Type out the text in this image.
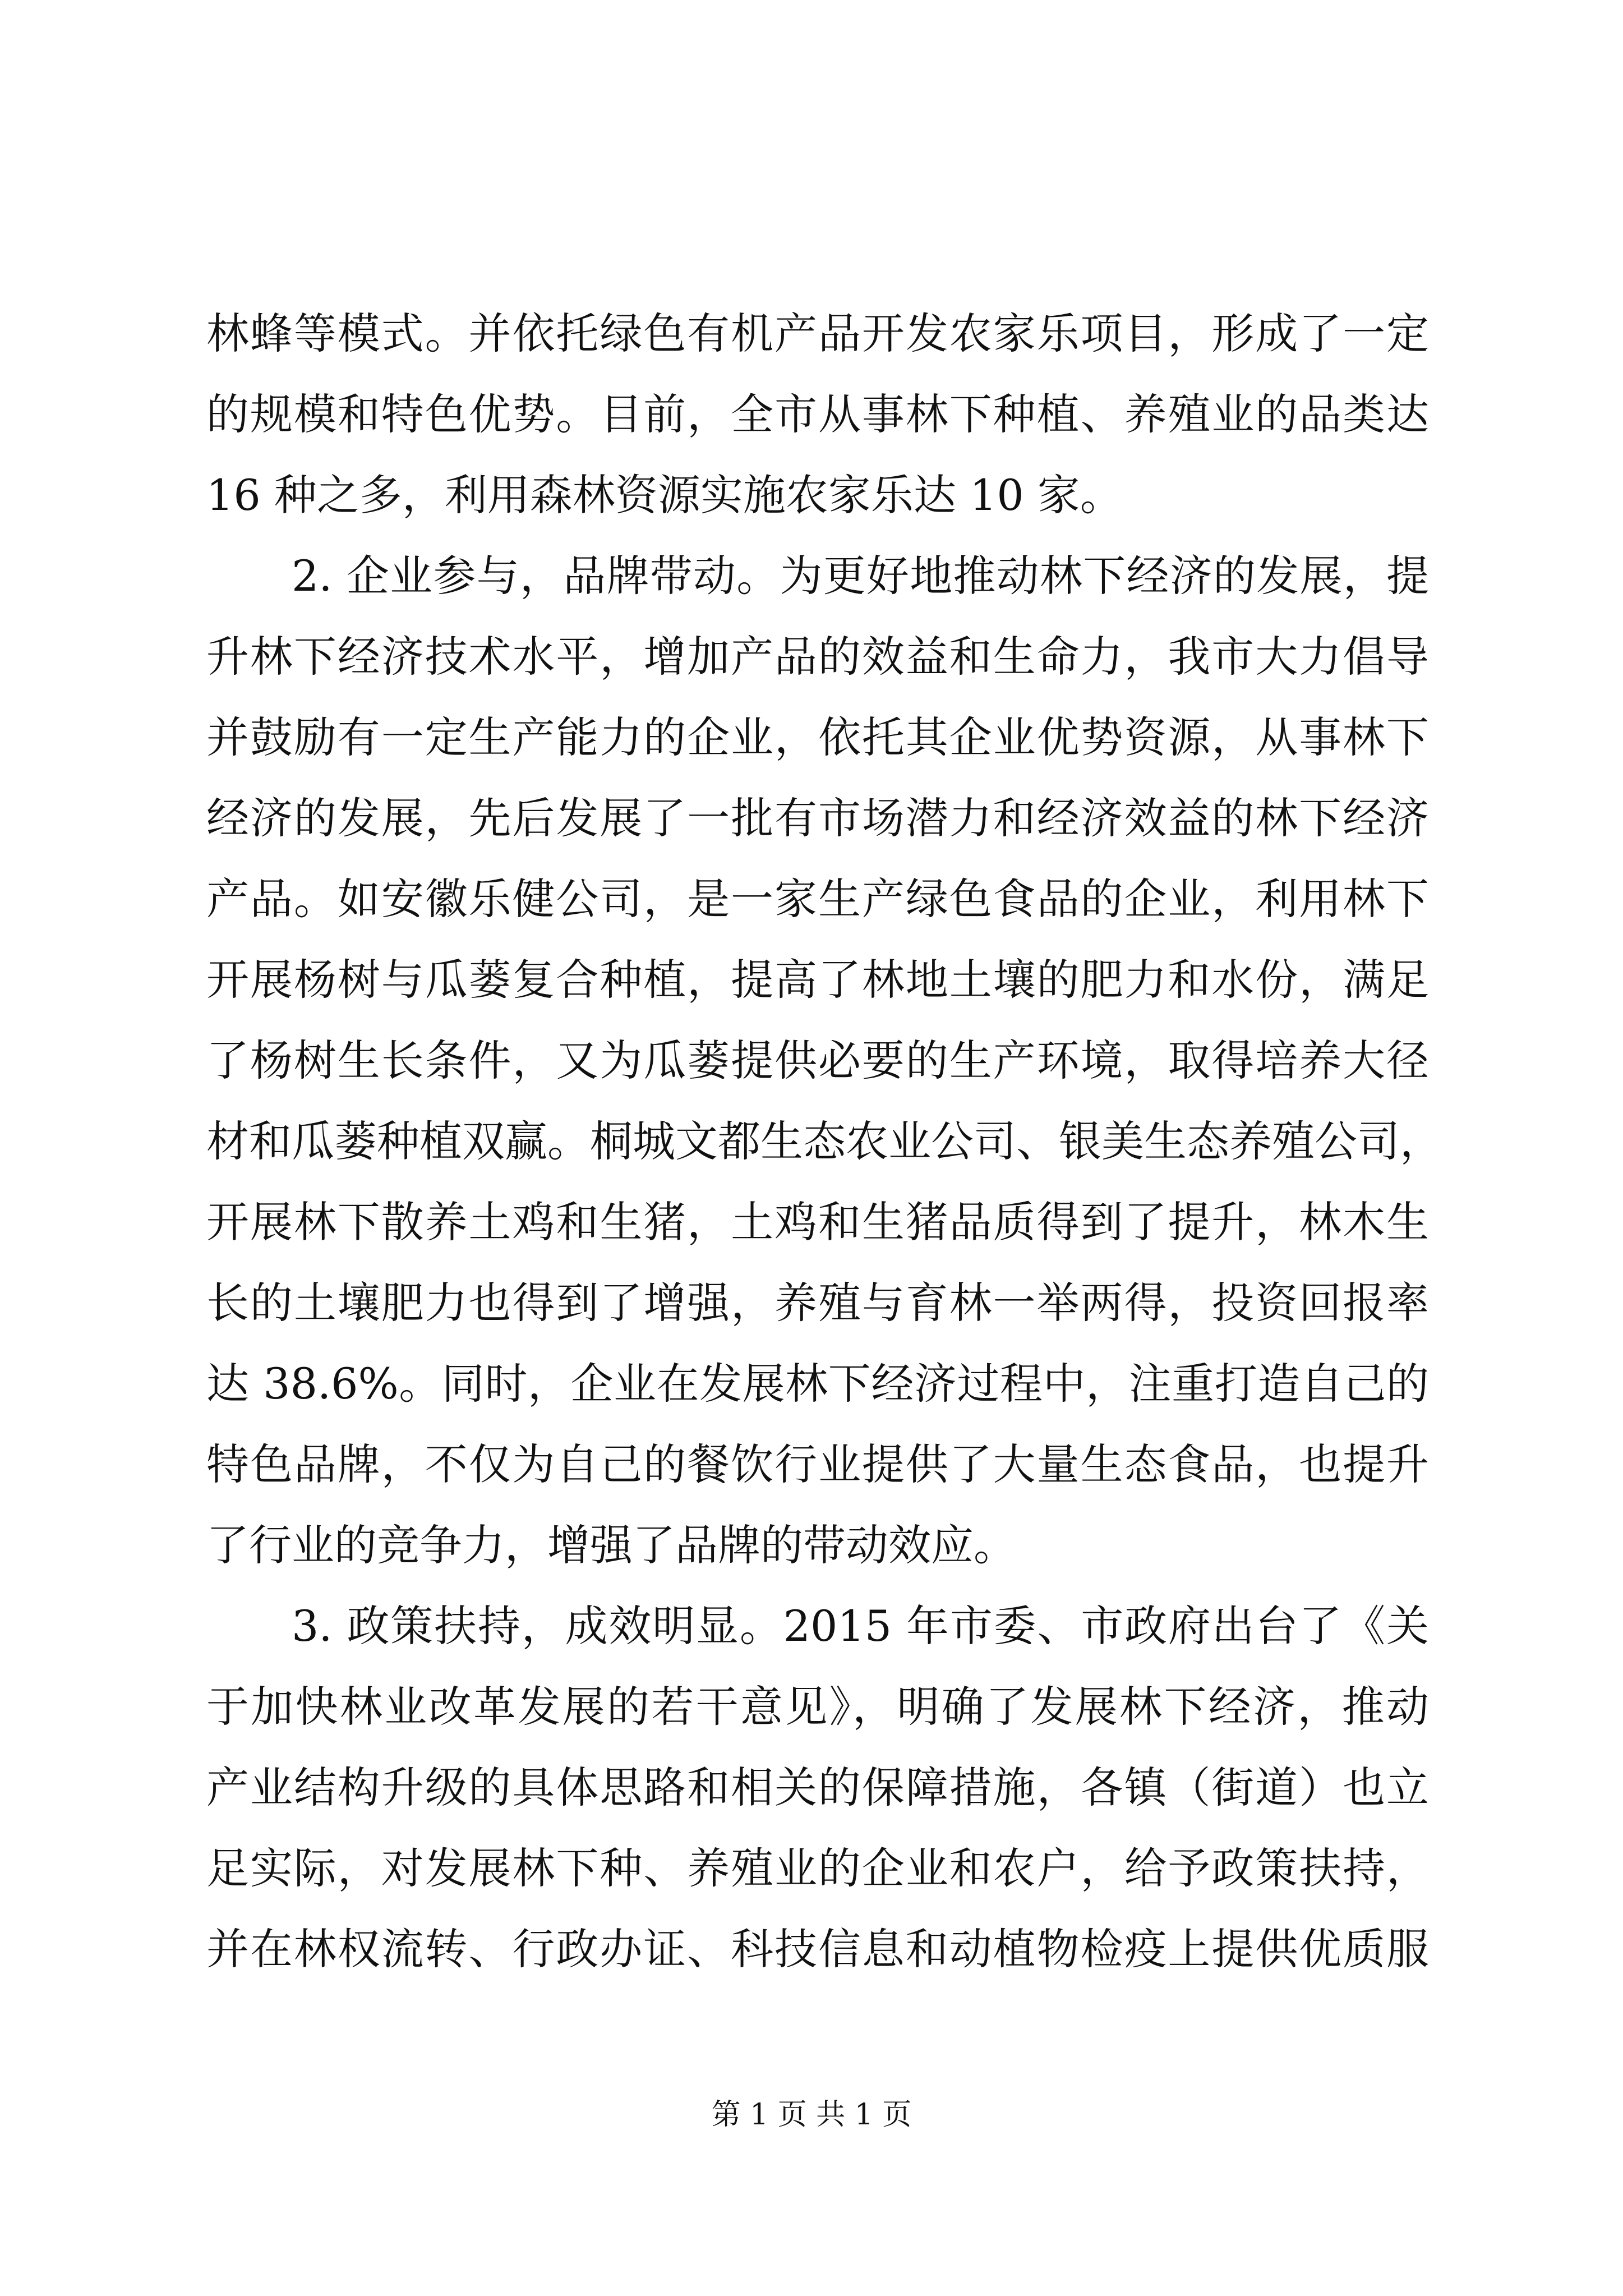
林蜂等模式。并依托绿色有机产品开发农家乐项目，形成了一定
的规模和特色优势。目前，全市从事林下种植、养殖业的品类达
16 种之多，利用森林资源实施农家乐达 10 家。
2. 企业参与，品牌带动。为更好地推动林下经济的发展，提
升林下经济技术水平，增加产品的效益和生命力，我市大力倡导
并鼓励有一定生产能力的企业，依托其企业优势资源，从事林下
经济的发展，先后发展了一批有市场潜力和经济效益的林下经济
产品。如安徽乐健公司，是一家生产绿色食品的企业，利用林下
开展杨树与瓜蒌复合种植，提高了林地土壤的肥力和水份，满足
了杨树生长条件，又为瓜蒌提供必要的生产环境，取得培养大径
材和瓜蒌种植双赢。桐城文都生态农业公司、银美生态养殖公司，
开展林下散养土鸡和生猪，土鸡和生猪品质得到了提升，林木生
长的土壤肥力也得到了增强，养殖与育林一举两得，投资回报率
达 38.6%。同时，企业在发展林下经济过程中，注重打造自己的
特色品牌，不仅为自己的餐饮行业提供了大量生态食品，也提升
了行业的竞争力，增强了品牌的带动效应。
3. 政策扶持，成效明显。2015 年市委、市政府出台了《关
于加快林业改革发展的若干意见》，明确了发展林下经济，推动
产业结构升级的具体思路和相关的保障措施，各镇（街道）也立
足实际，对发展林下种、养殖业的企业和农户，给予政策扶持，
并在林权流转、行政办证、科技信息和动植物检疫上提供优质服
第 1 页 共 1 页
